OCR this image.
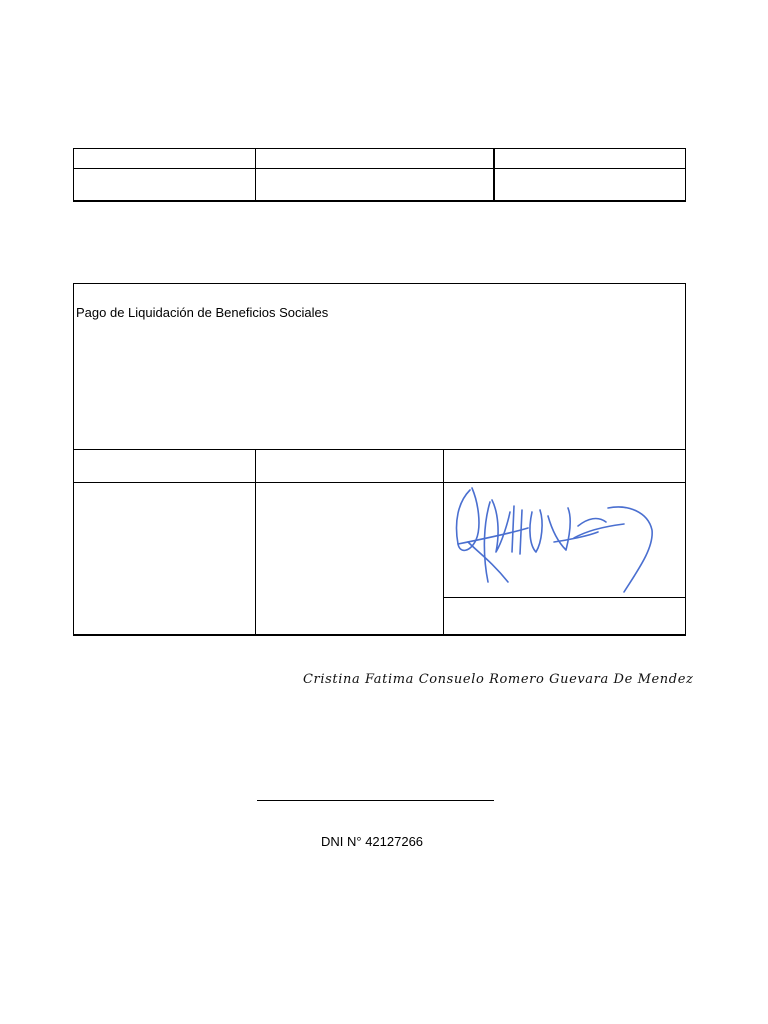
Pago de Liquidación de Beneficios Sociales
Cristina Fatima Consuelo Romero Guevara De Mendez
DNI N° 42127266
